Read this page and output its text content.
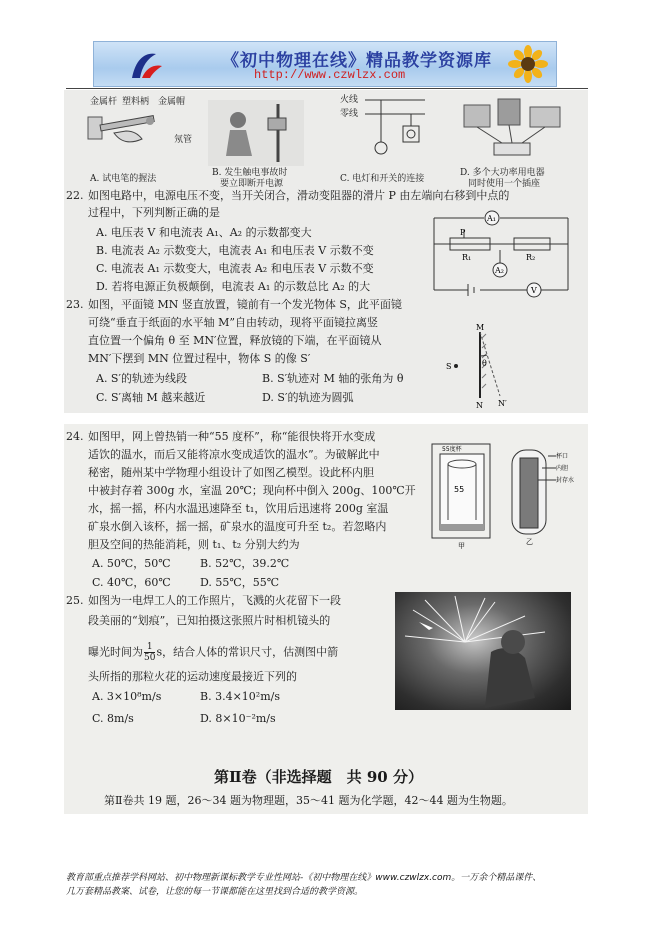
《初中物理在线》精品教学资源库
http://www.czwlzx.com
金属杆 塑料柄 金属帽
氖管
火线
零线
A. 试电笔的握法
B. 发生触电事故时
要立即断开电源	C. 电灯和开关的连接
D. 多个大功率用电器
同时使用一个插座
22. 如图电路中，电源电压不变，当开关闭合，滑动变阻器的滑片 P 由左端向右移到中点的
过程中，下列判断正确的是
A. 电压表 V 和电流表 A₁、A₂ 的示数都变大
B. 电流表 A₂ 示数变大，电流表 A₁ 和电压表 V 示数不变
C. 电流表 A₁ 示数变大，电流表 A₂ 和电压表 V 示数不变
D. 若将电源正负极颠倒，电流表 A₁ 的示数总比 A₂ 的大
A₁
P
R₁	R₂
A₂
V
23. 如图，平面镜 MN 竖直放置，镜前有一个发光物体 S，此平面镜
可绕“垂直于纸面的水平轴 M”自由转动，现将平面镜拉离竖
直位置一个偏角 θ 至 MN′位置，释放镜的下端，在平面镜从
MN′下摆到 MN 位置过程中，物体 S 的像 S′
A. S′的轨迹为线段	B. S′轨迹对 M 轴的张角为 θ
C. S′离轴 M 越来越近	D. S′的轨迹为圆弧
M
S	θ
N N′
24. 如图甲，网上曾热销一种“55 度杯”，称“能很快将开水变成
适饮的温水，而后又能将凉水变成适饮的温水”。为破解此中
秘密，随州某中学物理小组设计了如图乙模型。设此杯内胆
中被封存着 300g 水，室温 20℃；现向杯中倒入 200g、100℃开
水，摇一摇，杯内水温迅速降至 t₁，饮用后迅速将 200g 室温
矿泉水倒入该杯，摇一摇，矿泉水的温度可升至 t₂。若忽略内
胆及空间的热能消耗，则 t₁、t₂ 分别大约为
A. 50℃，50℃	B. 52℃，39.2℃
C. 40℃，60℃	D. 55℃，55℃
55度杯
55
甲
杯口
内胆
封存水
乙
25. 如图为一电焊工人的工作照片，飞溅的火花留下一段
段美丽的“划痕”，已知拍摄这张照片时相机镜头的
曝光时间为 $\frac{1}{50}$ s，结合人体的常识尺寸，估测图中箭
头所指的那粒火花的运动速度最接近下列的
A. 3×10⁸m/s	B. 3.4×10²m/s
C. 8m/s	D. 8×10⁻²m/s
第Ⅱ卷（非选择题　共 90 分）
第Ⅱ卷共 19 题，26～34 题为物理题，35～41 题为化学题，42～44 题为生物题。
教育部重点推荐学科网站、初中物理新课标教学专业性网站-《初中物理在线》www.czwlzx.com。一万余个精品课件、
几万套精品教案、试卷，让您的每一节课都能在这里找到合适的教学资源。
